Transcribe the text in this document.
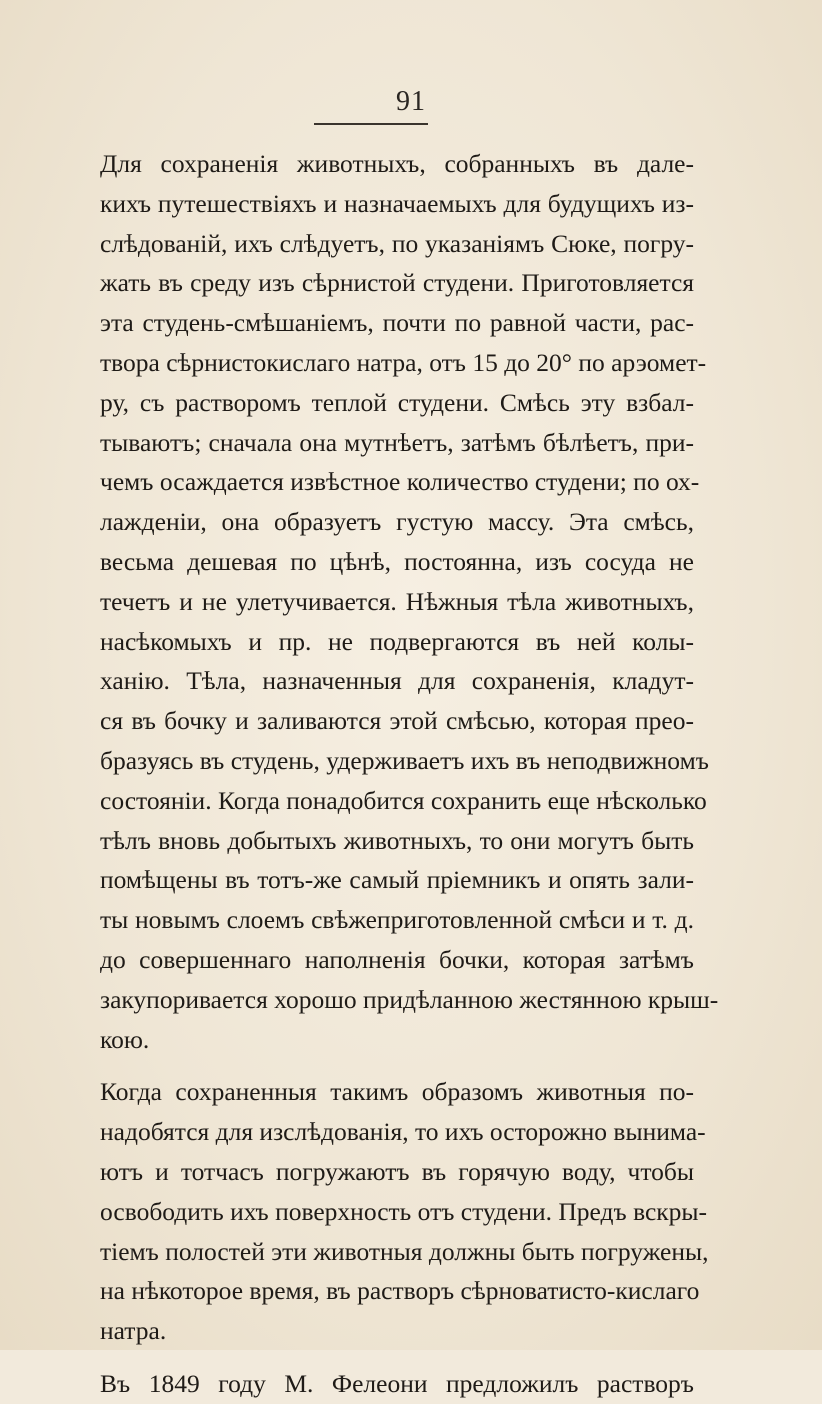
91
Для сохраненія животныхъ, собранныхъ въ дале-
кихъ путешествіяхъ и назначаемыхъ для будущихъ из-
слѣдованій, ихъ слѣдуетъ, по указаніямъ Сюке, погру-
жать въ среду изъ сѣрнистой студени. Приготовляется
эта студень-смѣшаніемъ, почти по равной части, рас-
твора сѣрнистокислаго натра, отъ 15 до 20° по арэомет-
ру, съ растворомъ теплой студени. Смѣсь эту взбал-
тываютъ; сначала она мутнѣетъ, затѣмъ бѣлѣетъ, при-
чемъ осаждается извѣстное количество студени; по ох-
лажденіи, она образуетъ густую массу. Эта смѣсь,
весьма дешевая по цѣнѣ, постоянна, изъ сосуда не
течетъ и не улетучивается. Нѣжныя тѣла животныхъ,
насѣкомыхъ и пр. не подвергаются въ ней колы-
ханію. Тѣла, назначенныя для сохраненія, кладут-
ся въ бочку и заливаются этой смѣсью, которая прео-
бразуясь въ студень, удерживаетъ ихъ въ неподвижномъ
состояніи. Когда понадобится сохранить еще нѣсколько
тѣлъ вновь добытыхъ животныхъ, то они могутъ быть
помѣщены въ тотъ-же самый пріемникъ и опять зали-
ты новымъ слоемъ свѣжеприготовленной смѣси и т. д.
до совершеннаго наполненія бочки, которая затѣмъ
закупоривается хорошо придѣланною жестянною крыш-
кою.
Когда сохраненныя такимъ образомъ животныя по-
надобятся для изслѣдованія, то ихъ осторожно вынима-
ютъ и тотчасъ погружаютъ въ горячую воду, чтобы
освободить ихъ поверхность отъ студени. Предъ вскры-
тіемъ полостей эти животныя должны быть погружены,
на нѣкоторое время, въ растворъ сѣрноватисто-кислаго
натра.
Въ 1849 году М. Фелеони предложилъ растворъ
